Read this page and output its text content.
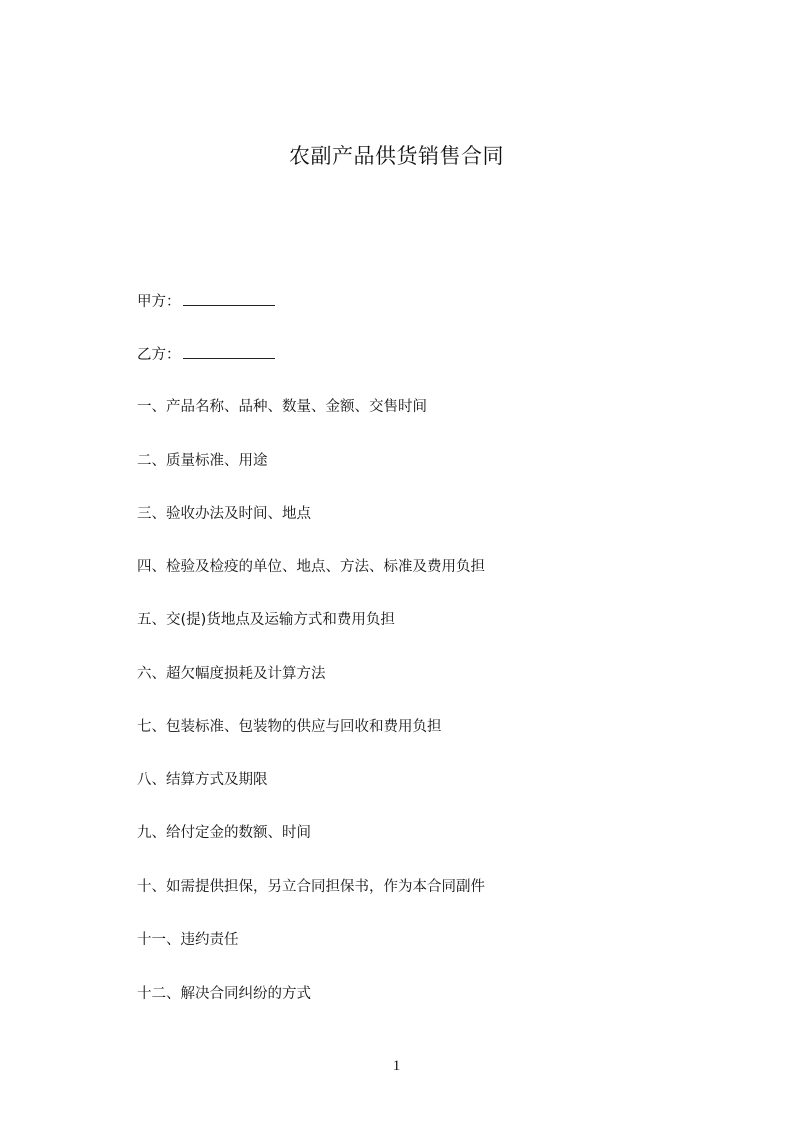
农副产品供货销售合同
甲方：
乙方：
一、产品名称、品种、数量、金额、交售时间
二、质量标准、用途
三、验收办法及时间、地点
四、检验及检疫的单位、地点、方法、标准及费用负担
五、交(提)货地点及运输方式和费用负担
六、超欠幅度损耗及计算方法
七、包装标准、包装物的供应与回收和费用负担
八、结算方式及期限
九、给付定金的数额、时间
十、如需提供担保，另立合同担保书，作为本合同副件
十一、违约责任
十二、解决合同纠纷的方式
1
